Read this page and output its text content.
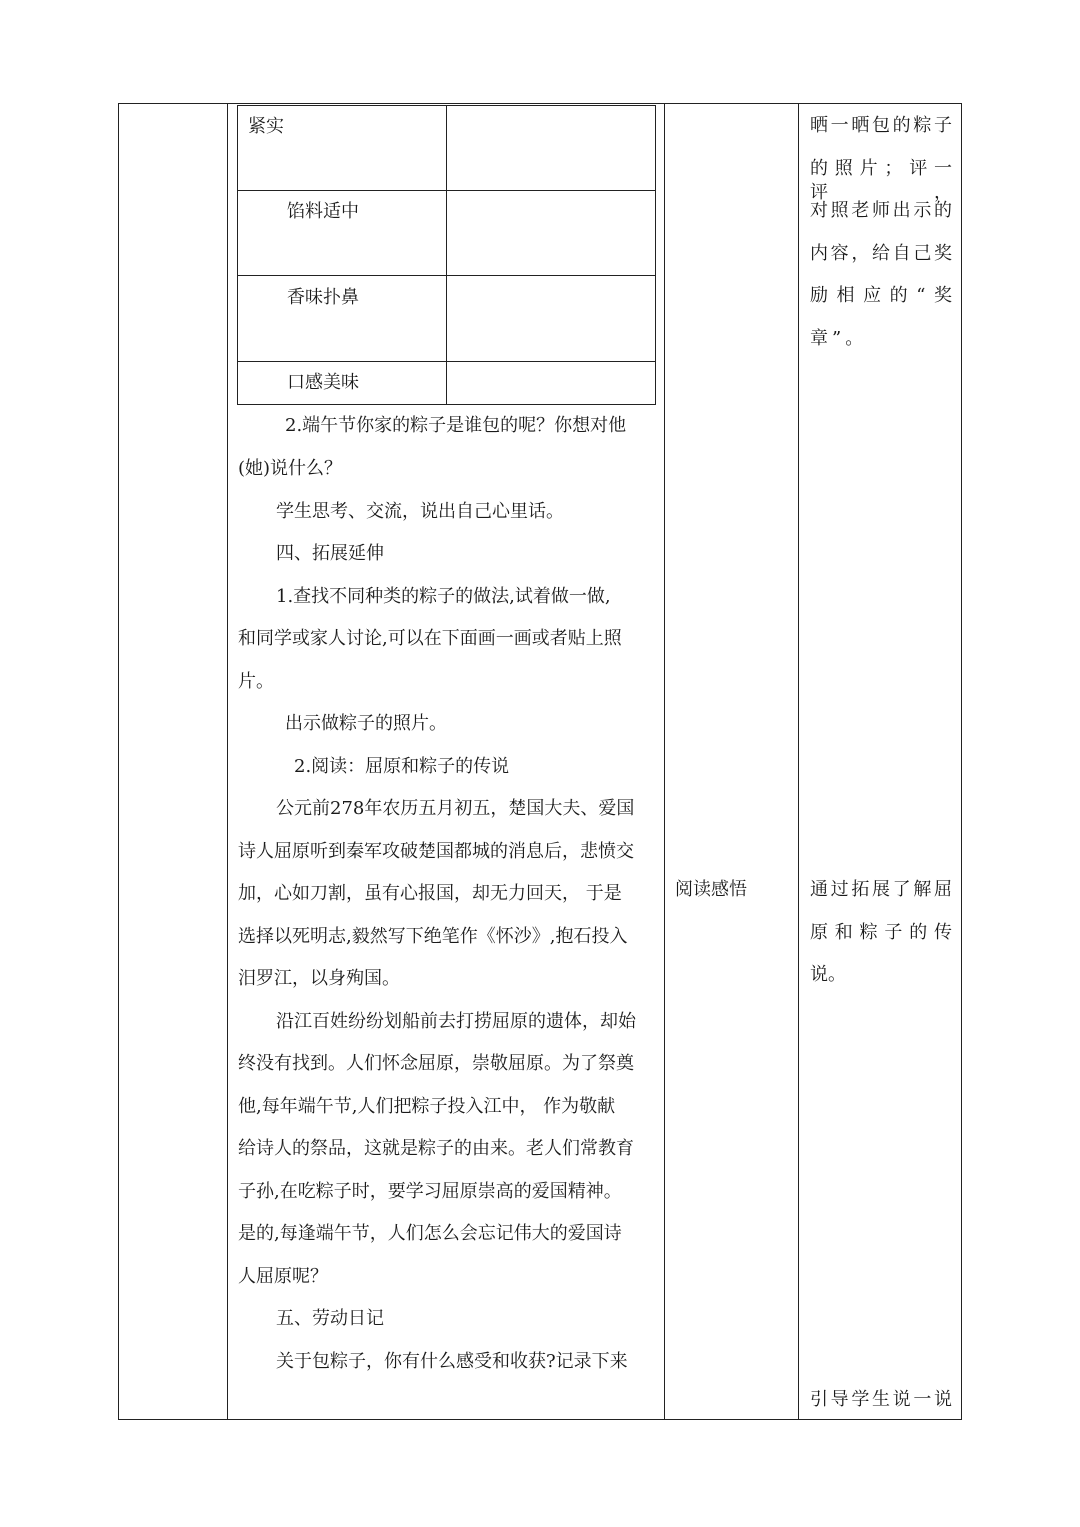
紧实
馅料适中
香味扑鼻
口感美味
2.端午节你家的粽子是谁包的呢？你想对他
(她)说什么？
学生思考、交流，说出自己心里话。
四、拓展延伸
1.查找不同种类的粽子的做法,试着做一做,
和同学或家人讨论,可以在下面画一画或者贴上照
片。
出示做粽子的照片。
2.阅读：屈原和粽子的传说
公元前278年农历五月初五，楚国大夫、爱国
诗人屈原听到秦军攻破楚国都城的消息后，悲愤交
加，心如刀割，虽有心报国，却无力回天， 于是
选择以死明志,毅然写下绝笔作《怀沙》,抱石投入
汨罗江，以身殉国。
沿江百姓纷纷划船前去打捞屈原的遗体，却始
终没有找到。人们怀念屈原，崇敬屈原。为了祭奠
他,每年端午节,人们把粽子投入江中， 作为敬献
给诗人的祭品，这就是粽子的由来。老人们常教育
子孙,在吃粽子时，要学习屈原崇高的爱国精神。
是的,每逢端午节，人们怎么会忘记伟大的爱国诗
人屈原呢？
五、劳动日记
关于包粽子，你有什么感受和收获?记录下来
阅读感悟
晒一晒包的粽子
的照片；评一评，
对照老师出示的
内容，给自己奖
励相应的“奖
章”。
通过拓展了解屈
原和粽子的传
说。
引导学生说一说
